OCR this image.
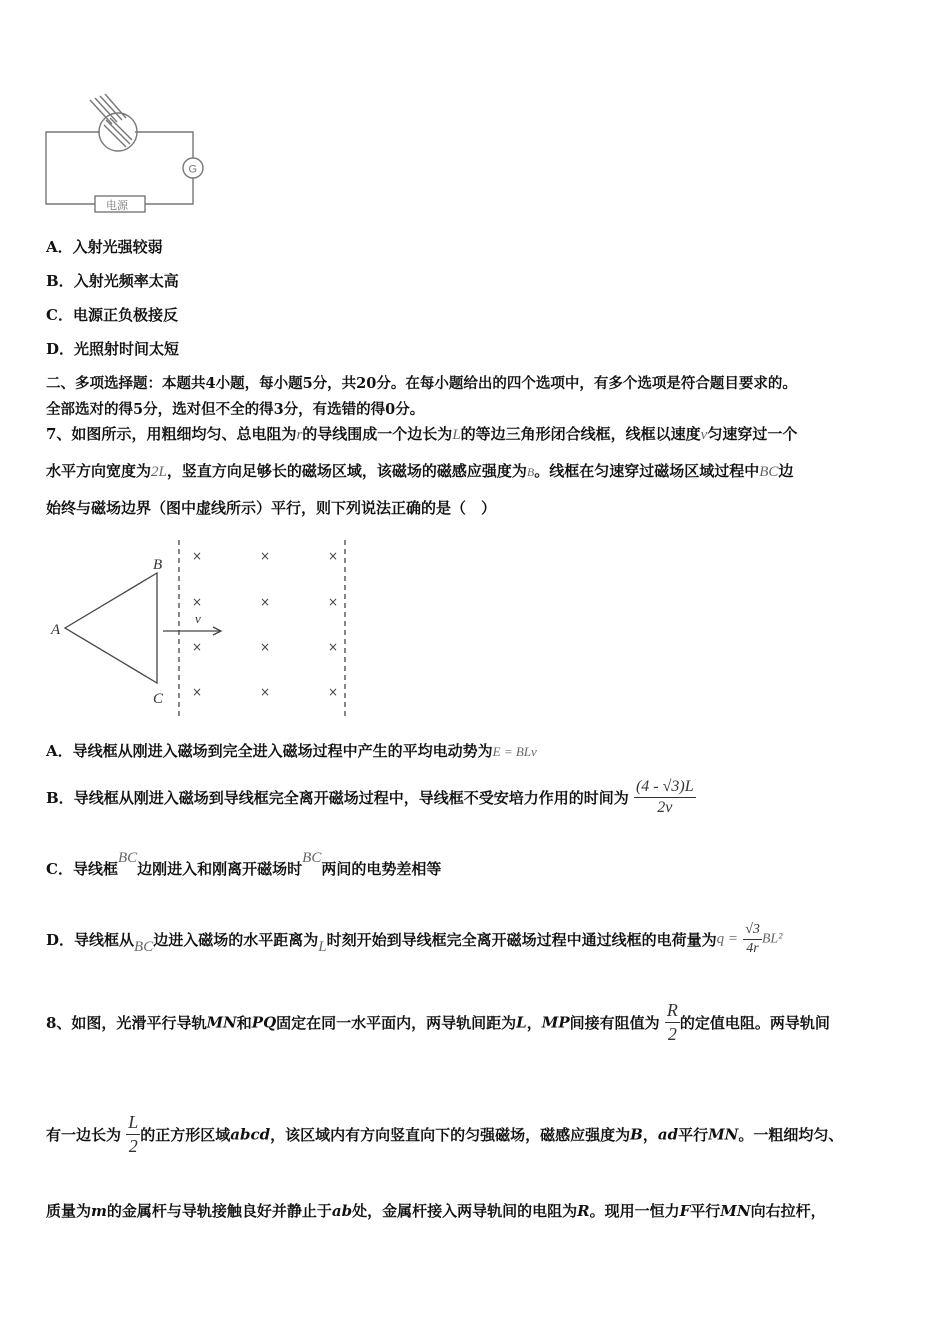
G
电源
A．入射光强较弱
B．入射光频率太高
C．电源正负极接反
D．光照射时间太短
二、多项选择题：本题共4小题，每小题5分，共20分。在每小题给出的四个选项中，有多个选项是符合题目要求的。
全部选对的得5分，选对但不全的得3分，有选错的得0分。
7、如图所示，用粗细均匀、总电阻为r的导线围成一个边长为L的等边三角形闭合线框，线框以速度v匀速穿过一个
水平方向宽度为2L，竖直方向足够长的磁场区域，该磁场的磁感应强度为B。线框在匀速穿过磁场区域过程中BC边
始终与磁场边界（图中虚线所示）平行，则下列说法正确的是（　）
A
B
C
v
×	×	×
×	×	×
×	×	×
×	×	×
A．导线框从刚进入磁场到完全进入磁场过程中产生的平均电动势为E = BLv
B．导线框从刚进入磁场到导线框完全离开磁场过程中，导线框不受安培力作用的时间为 $\frac{(4 - √3)L}{2v}$
C．导线框BC边刚进入和刚离开磁场时BC两间的电势差相等
D．导线框从BC边进入磁场的水平距离为L时刻开始到导线框完全离开磁场过程中通过线框的电荷量为$q = \frac{√3}{4r} BL^2$
8、如图，光滑平行导轨MN和PQ固定在同一水平面内，两导轨间距为L，MP间接有阻值为 $\frac{R}{2}$ 的定值电阻。两导轨间
有一边长为 $\frac{L}{2}$ 的正方形区域abcd，该区域内有方向竖直向下的匀强磁场，磁感应强度为B，ad平行MN。一粗细均匀、
质量为m的金属杆与导轨接触良好并静止于ab处，金属杆接入两导轨间的电阻为R。现用一恒力F平行MN向右拉杆，
